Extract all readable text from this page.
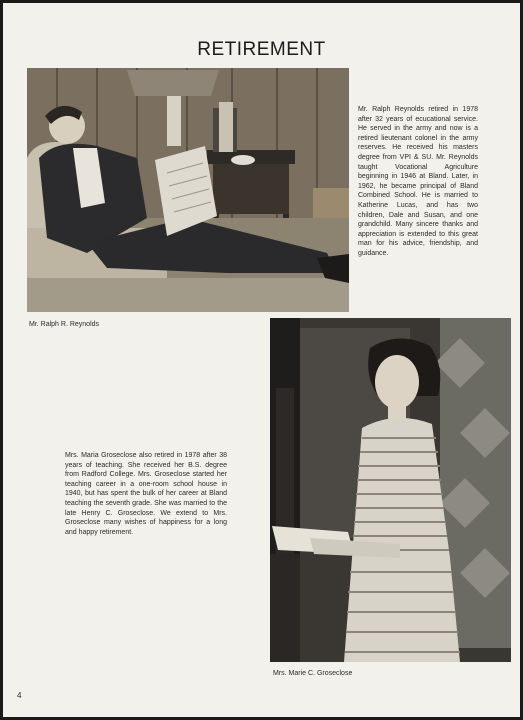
RETIREMENT
Mr. Ralph Reynolds retired in 1978 after 32 years of ecucational service. He served in the army and now is a retired lieutenant colonel in the army reserves. He received his masters degree from VPI & SU. Mr. Reynolds taught Vocational Agriculture beginning in 1946 at Bland. Later, in 1962, he became principal of Bland Combined School. He is married to Katherine Lucas, and has two children, Dale and Susan, and one grandchild. Many sincere thanks and appreciation is extended to this great man for his advice, friendship, and guidance.
Mr. Ralph R. Reynolds
Mrs. Maria Groseclose also retired in 1978 after 38 years of teaching. She received her B.S. degree from Radford College. Mrs. Groseclose started her teaching career in a one-room school house in 1940, but has spent the bulk of her career at Bland teaching the seventh grade. She was married to the late Henry C. Groseclose. We extend to Mrs. Groseclose many wishes of happiness for a long and happy retirement.
Mrs. Marie C. Groseclose
4
